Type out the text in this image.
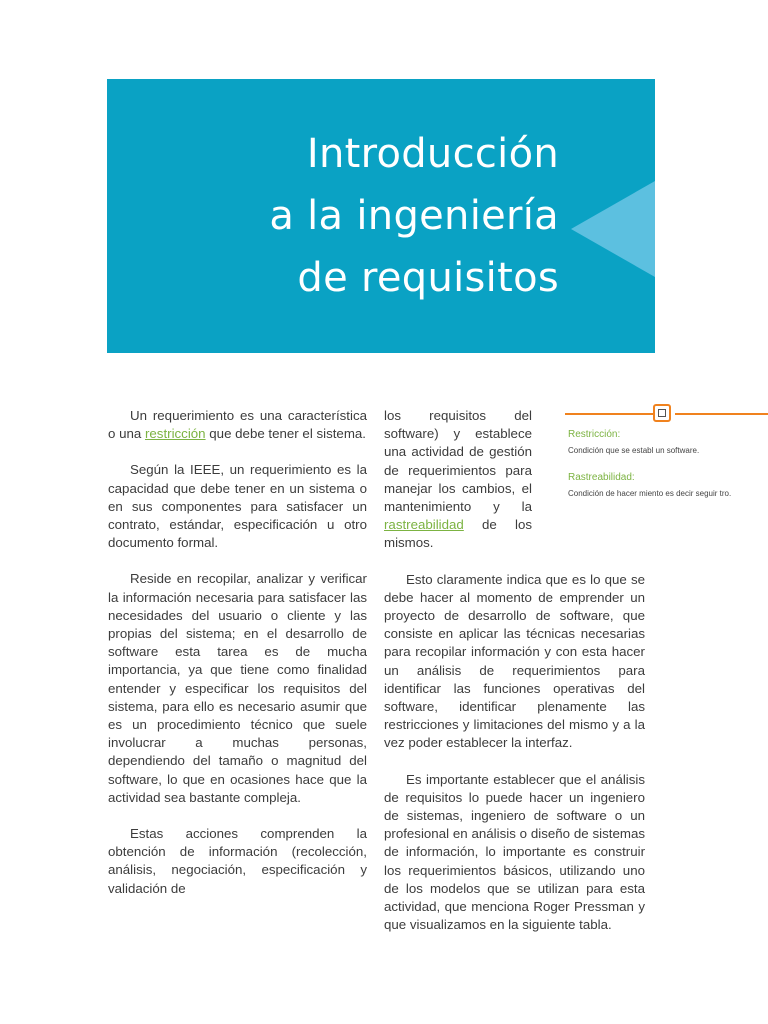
Introducción
a la ingeniería
de requisitos

Un requerimiento es una característica o una restricción que debe tener el sistema.

Según la IEEE, un requerimiento es la capacidad que debe tener en un sistema o en sus componentes para satisfacer un contrato, estándar, especificación u otro documento formal.

Reside en recopilar, analizar y verificar la información necesaria para satisfacer las necesidades del usuario o cliente y las propias del sistema; en el desarrollo de software esta tarea es de mucha importancia, ya que tiene como finalidad entender y especificar los requisitos del sistema, para ello es necesario asumir que es un procedimiento técnico que suele involucrar a muchas personas, dependiendo del tamaño o magnitud del software, lo que en ocasiones hace que la actividad sea bastante compleja.

Estas acciones comprenden la obtención de información (recolección, análisis, negociación, especificación y validación de

los requisitos del software) y establece una actividad de gestión de requerimientos para manejar los cambios, el mantenimiento y la rastreabilidad de los mismos.

Esto claramente indica que es lo que se debe hacer al momento de emprender un proyecto de desarrollo de software, que consiste en aplicar las técnicas necesarias para recopilar información y con esta hacer un análisis de requerimientos para identificar las funciones operativas del software, identificar plenamente las restricciones y limitaciones del mismo y a la vez poder establecer la interfaz.

Es importante establecer que el análisis de requisitos lo puede hacer un ingeniero de sistemas, ingeniero de software o un profesional en análisis o diseño de sistemas de información, lo importante es construir los requerimientos básicos, utilizando uno de los modelos que se utilizan para esta actividad, que menciona Roger Pressman y que visualizamos en la siguiente tabla.

Restricción:
Condición que se establ un software.
Rastreabilidad:
Condición de hacer miento es decir seguir tro.
